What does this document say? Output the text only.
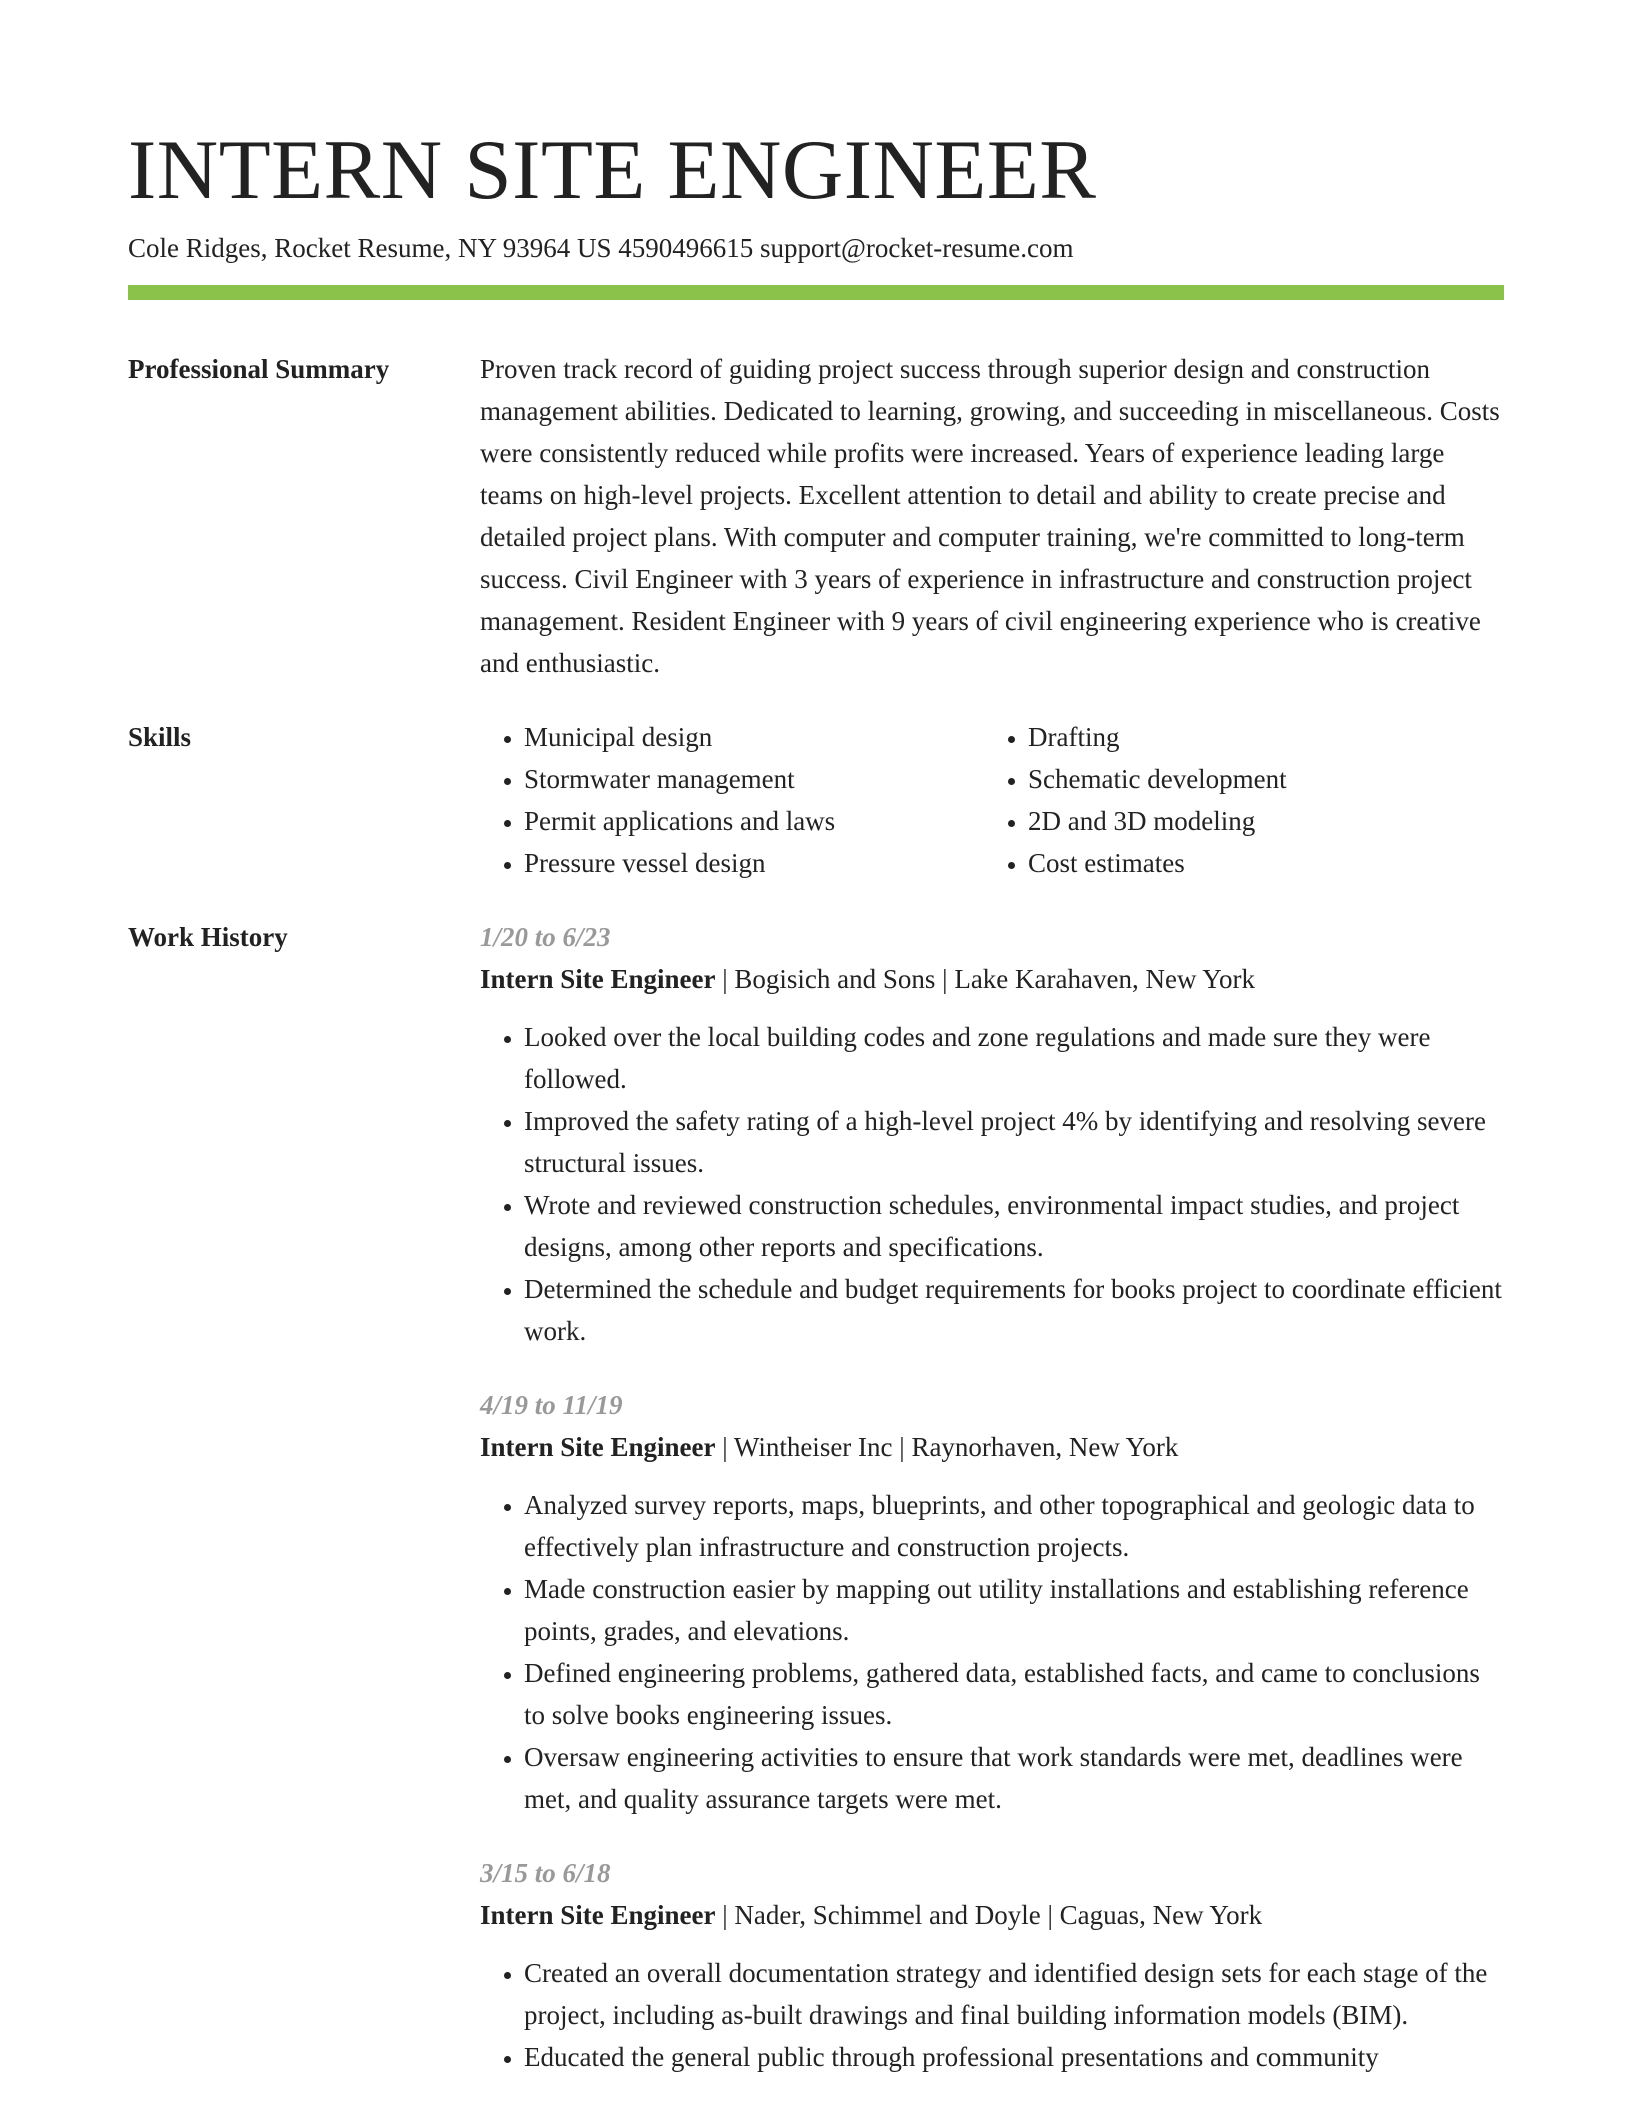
INTERN SITE ENGINEER
Cole Ridges, Rocket Resume, NY 93964 US 4590496615 support@rocket-resume.com
Professional Summary	Proven track record of guiding project success through superior design and construction management abilities. Dedicated to learning, growing, and succeeding in miscellaneous. Costs were consistently reduced while profits were increased. Years of experience leading large teams on high-level projects. Excellent attention to detail and ability to create precise and detailed project plans. With computer and computer training, we're committed to long-term success. Civil Engineer with 3 years of experience in infrastructure and construction project management. Resident Engineer with 9 years of civil engineering experience who is creative and enthusiastic.

Skills
•	Municipal design
• Stormwater management
• Permit applications and laws
• Pressure vessel design
• Drafting
• Schematic development
• 2D and 3D modeling
• Cost estimates
Work History	1/20 to 6/23
Intern Site Engineer | Bogisich and Sons | Lake Karahaven, New York
• Looked over the local building codes and zone regulations and made sure they were followed.
• Improved the safety rating of a high-level project 4% by identifying and resolving severe structural issues.
• Wrote and reviewed construction schedules, environmental impact studies, and project designs, among other reports and specifications.
• Determined the schedule and budget requirements for books project to coordinate efficient work.
4/19 to 11/19
Intern Site Engineer | Wintheiser Inc | Raynorhaven, New York
• Analyzed survey reports, maps, blueprints, and other topographical and geologic data to effectively plan infrastructure and construction projects.
• Made construction easier by mapping out utility installations and establishing reference points, grades, and elevations.
• Defined engineering problems, gathered data, established facts, and came to conclusions to solve books engineering issues.
• Oversaw engineering activities to ensure that work standards were met, deadlines were met, and quality assurance targets were met.
3/15 to 6/18
Intern Site Engineer | Nader, Schimmel and Doyle | Caguas, New York
• Created an overall documentation strategy and identified design sets for each stage of the project, including as-built drawings and final building information models (BIM).
• Educated the general public through professional presentations and community
